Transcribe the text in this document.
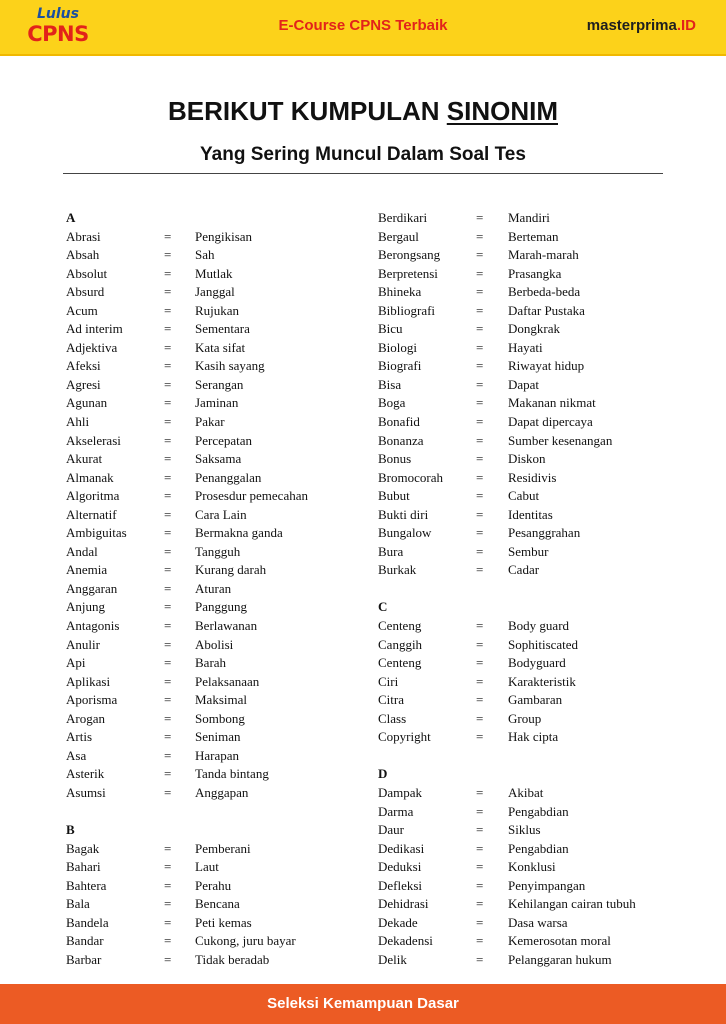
Lulus
CPNS	E-Course CPNS Terbaik	masterprima.ID
BERIKUT KUMPULAN SINONIM
Yang Sering Muncul Dalam Soal Tes
A
Abrasi	= Pengikisan
Absah	= Sah
Absolut	= Mutlak
Absurd	= Janggal
Acum	= Rujukan
Ad interim	= Sementara
Adjektiva	= Kata sifat
Afeksi	= Kasih sayang
Agresi	= Serangan
Agunan	= Jaminan
Ahli	= Pakar
Akselerasi	= Percepatan
Akurat	= Saksama
Almanak	= Penanggalan
Algoritma	= Prosesdur pemecahan
Alternatif	= Cara Lain
Ambiguitas	= Bermakna ganda
Andal	= Tangguh
Anemia	= Kurang darah
Anggaran	= Aturan
Anjung	= Panggung
Antagonis	= Berlawanan
Anulir	= Abolisi
Api	= Barah
Aplikasi	= Pelaksanaan
Aporisma	= Maksimal
Arogan	= Sombong
Artis	= Seniman
Asa	= Harapan
Asterik	= Tanda bintang
Asumsi	= Anggapan
B
Bagak	= Pemberani
Bahari	= Laut
Bahtera	= Perahu
Bala	= Bencana
Bandela	= Peti kemas
Bandar	= Cukong, juru bayar
Barbar	= Tidak beradab
Berdikari	= Mandiri
Bergaul	= Berteman
Berongsang	= Marah-marah
Berpretensi	= Prasangka
Bhineka	= Berbeda-beda
Bibliografi	= Daftar Pustaka
Bicu	= Dongkrak
Biologi	= Hayati
Biografi	= Riwayat hidup
Bisa	= Dapat
Boga	= Makanan nikmat
Bonafid	= Dapat dipercaya
Bonanza	= Sumber kesenangan
Bonus	= Diskon
Bromocorah	= Residivis
Bubut	= Cabut
Bukti diri	= Identitas
Bungalow	= Pesanggrahan
Bura	= Sembur
Burkak	= Cadar
C
Centeng	= Body guard
Canggih	= Sophitiscated
Centeng	= Bodyguard
Ciri	= Karakteristik
Citra	= Gambaran
Class	= Group
Copyright	= Hak cipta
D
Dampak	= Akibat
Darma	= Pengabdian
Daur	= Siklus
Dedikasi	= Pengabdian
Deduksi	= Konklusi
Defleksi	= Penyimpangan
Dehidrasi	= Kehilangan cairan tubuh
Dekade	= Dasa warsa
Dekadensi	= Kemerosotan moral
Delik	= Pelanggaran hukum
Seleksi Kemampuan Dasar
